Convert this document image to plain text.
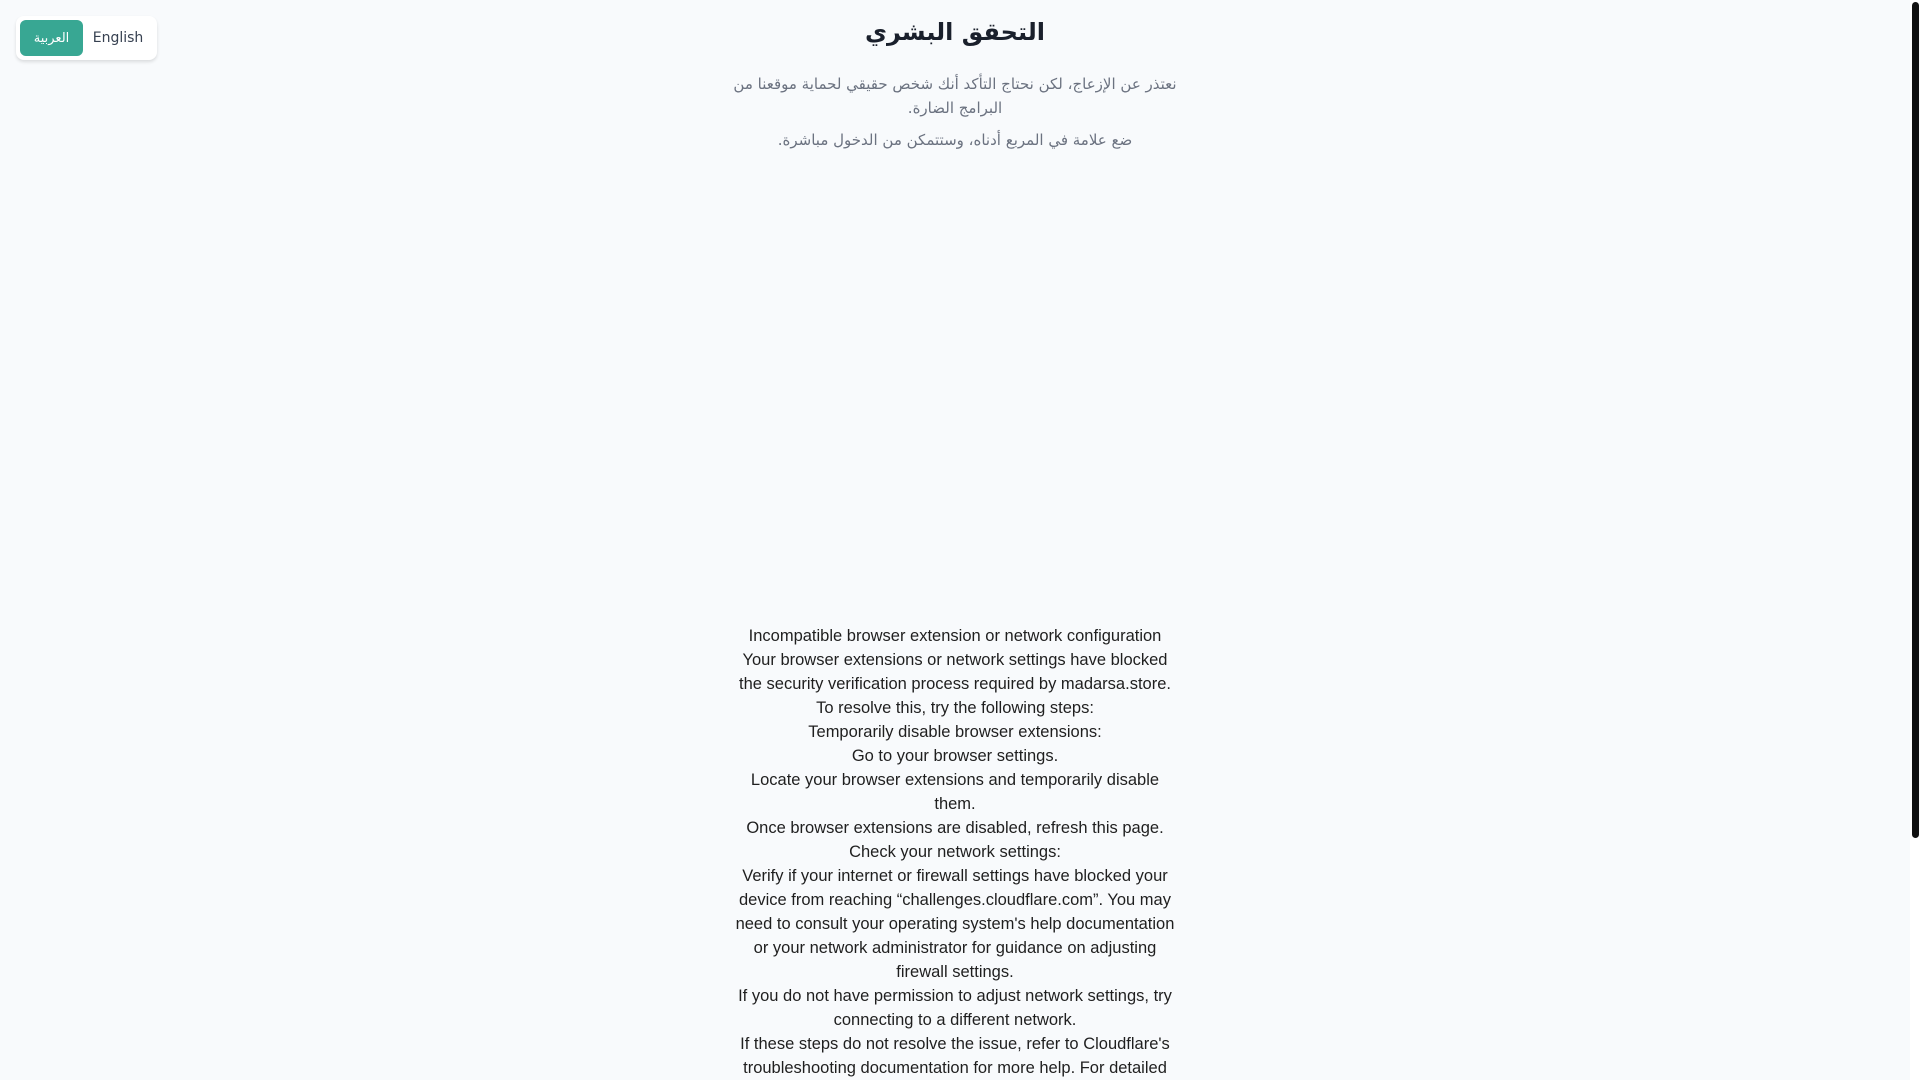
العربية	English	التحقق البشري

نعتذر عن الإزعاج، لكن نحتاج التأكد أنك شخص حقيقي لحماية موقعنا من البرامج الضارة.

ضع علامة في المربع أدناه، وستتمكن من الدخول مباشرة.

Incompatible browser extension or network configuration
Your browser extensions or network settings have blocked the security verification process required by madarsa.store.
To resolve this, try the following steps:
Temporarily disable browser extensions:
Go to your browser settings.
Locate your browser extensions and temporarily disable them.
Once browser extensions are disabled, refresh this page.
Check your network settings:
Verify if your internet or firewall settings have blocked your device from reaching “challenges.cloudflare.com”. You may need to consult your operating system's help documentation or your network administrator for guidance on adjusting firewall settings.
If you do not have permission to adjust network settings, try connecting to a different network.
If these steps do not resolve the issue, refer to Cloudflare's troubleshooting documentation for more help. For detailed
